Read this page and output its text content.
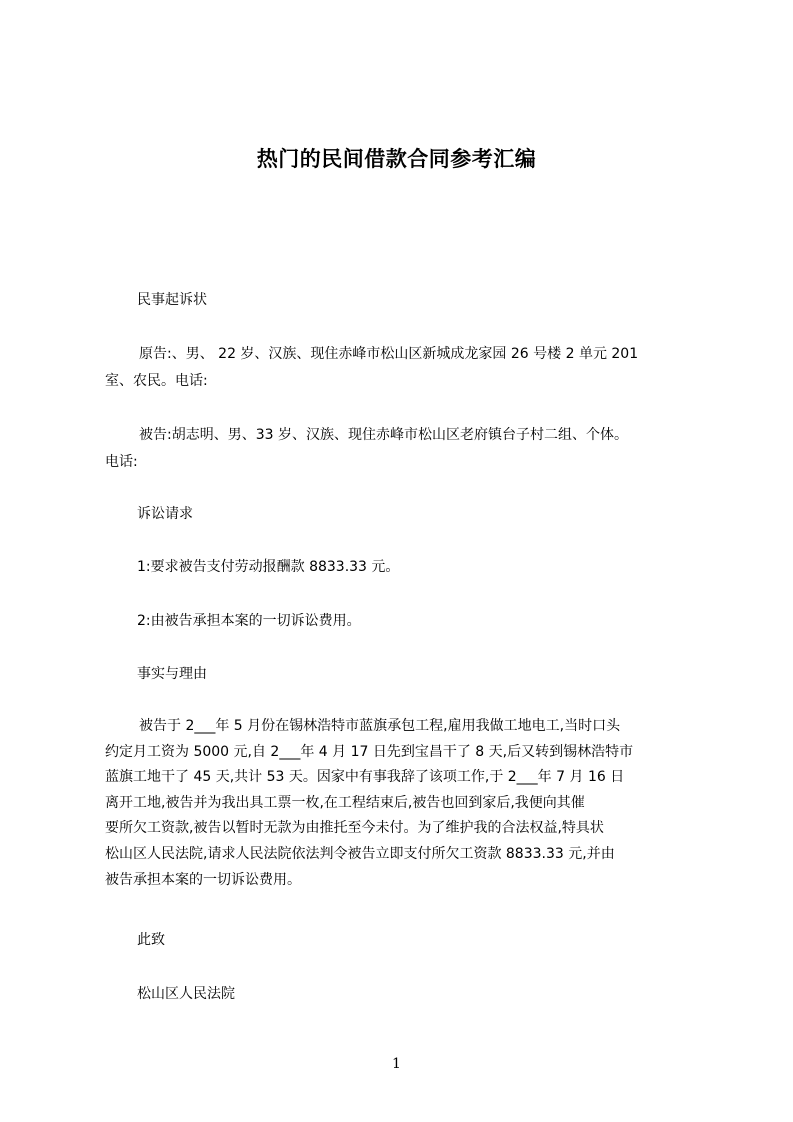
热门的民间借款合同参考汇编
民事起诉状
原告:、男、 22 岁、汉族、现住赤峰市松山区新城成龙家园 26 号楼 2 单元 201
室、农民。电话:
被告:胡志明、男、33 岁、汉族、现住赤峰市松山区老府镇台子村二组、个体。
电话:
诉讼请求
1:要求被告支付劳动报酬款 8833.33 元。
2:由被告承担本案的一切诉讼费用。
事实与理由
被告于 2___年 5 月份在锡林浩特市蓝旗承包工程,雇用我做工地电工,当时口头
约定月工资为 5000 元,自 2___年 4 月 17 日先到宝昌干了 8 天,后又转到锡林浩特市
蓝旗工地干了 45 天,共计 53 天。因家中有事我辞了该项工作,于 2___年 7 月 16 日
离开工地,被告并为我出具工票一枚,在工程结束后,被告也回到家后,我便向其催
要所欠工资款,被告以暂时无款为由推托至今未付。为了维护我的合法权益,特具状
松山区人民法院,请求人民法院依法判令被告立即支付所欠工资款 8833.33 元,并由
被告承担本案的一切诉讼费用。
此致
松山区人民法院
1
